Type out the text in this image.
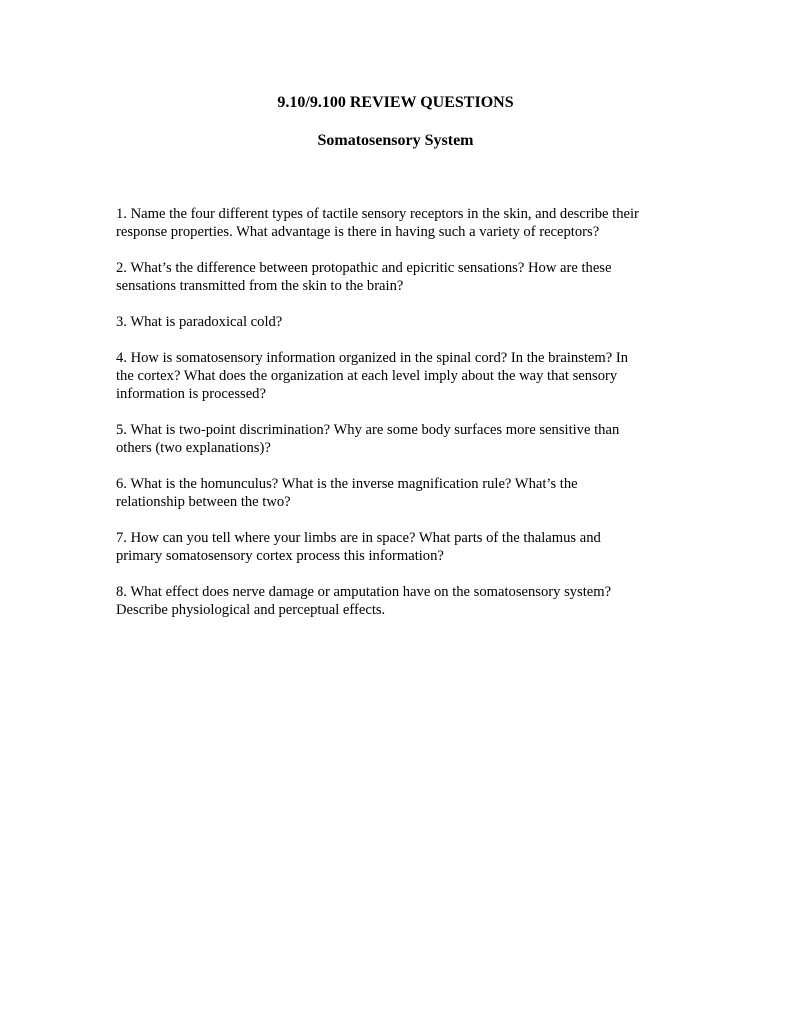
9.10/9.100 REVIEW QUESTIONS
Somatosensory System
1. Name the four different types of tactile sensory receptors in the skin, and describe their
response properties. What advantage is there in having such a variety of receptors?
2. What’s the difference between protopathic and epicritic sensations? How are these
sensations transmitted from the skin to the brain?
3. What is paradoxical cold?
4. How is somatosensory information organized in the spinal cord? In the brainstem? In
the cortex? What does the organization at each level imply about the way that sensory
information is processed?
5. What is two-point discrimination? Why are some body surfaces more sensitive than
others (two explanations)?
6. What is the homunculus? What is the inverse magnification rule? What’s the
relationship between the two?
7. How can you tell where your limbs are in space? What parts of the thalamus and
primary somatosensory cortex process this information?
8. What effect does nerve damage or amputation have on the somatosensory system?
Describe physiological and perceptual effects.
